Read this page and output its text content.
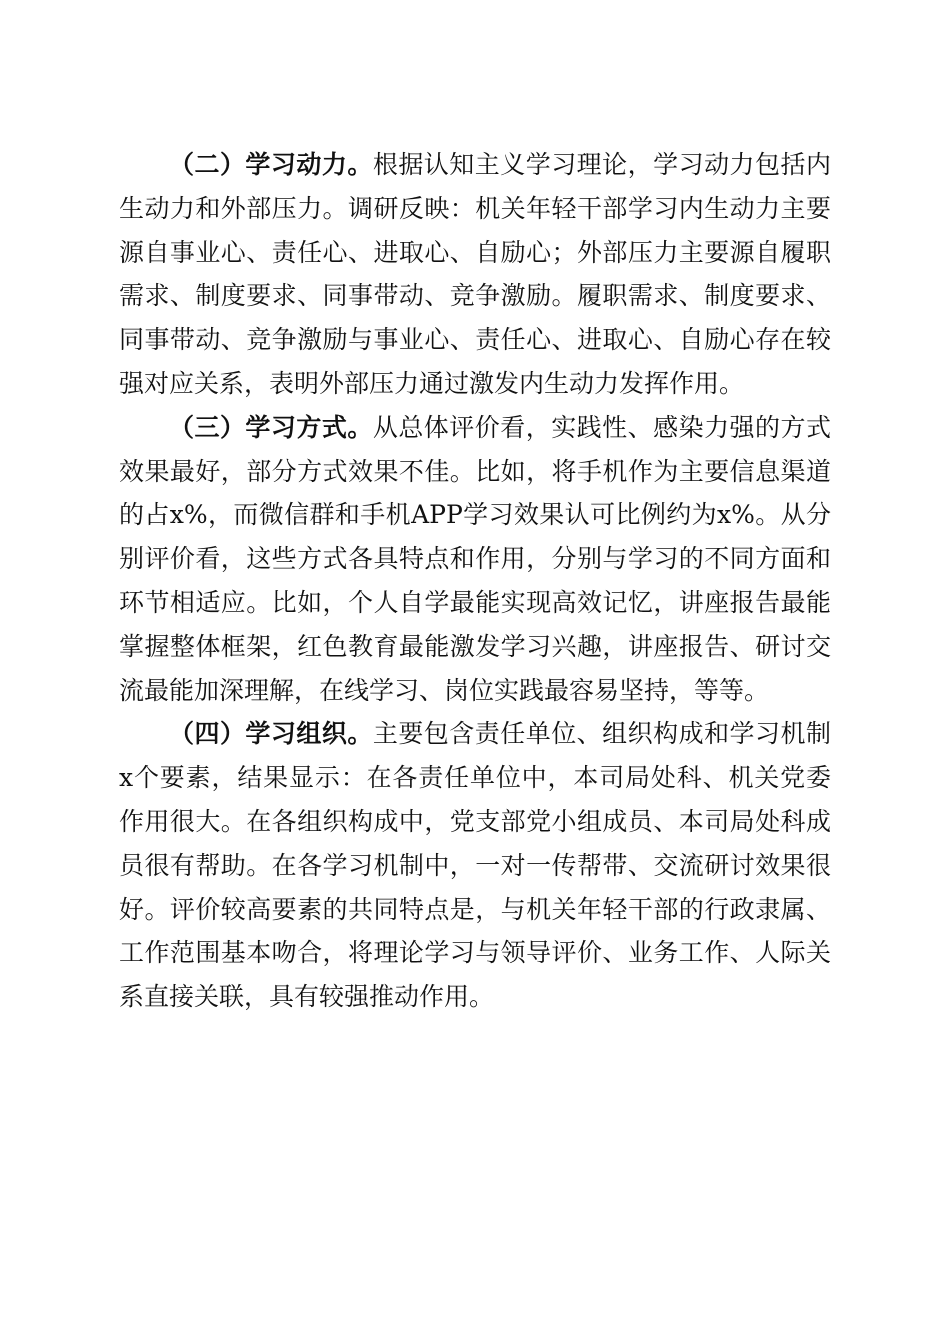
（二）学习动力。根据认知主义学习理论，学习动力包括内生动力和外部压力。调研反映：机关年轻干部学习内生动力主要源自事业心、责任心、进取心、自励心；外部压力主要源自履职需求、制度要求、同事带动、竞争激励。履职需求、制度要求、同事带动、竞争激励与事业心、责任心、进取心、自励心存在较强对应关系，表明外部压力通过激发内生动力发挥作用。

（三）学习方式。从总体评价看，实践性、感染力强的方式效果最好，部分方式效果不佳。比如，将手机作为主要信息渠道的占x%，而微信群和手机APP学习效果认可比例约为x%。从分别评价看，这些方式各具特点和作用，分别与学习的不同方面和环节相适应。比如，个人自学最能实现高效记忆，讲座报告最能掌握整体框架，红色教育最能激发学习兴趣，讲座报告、研讨交流最能加深理解，在线学习、岗位实践最容易坚持，等等。

（四）学习组织。主要包含责任单位、组织构成和学习机制x个要素，结果显示：在各责任单位中，本司局处科、机关党委作用很大。在各组织构成中，党支部党小组成员、本司局处科成员很有帮助。在各学习机制中，一对一传帮带、交流研讨效果很好。评价较高要素的共同特点是，与机关年轻干部的行政隶属、工作范围基本吻合，将理论学习与领导评价、业务工作、人际关系直接关联，具有较强推动作用。
